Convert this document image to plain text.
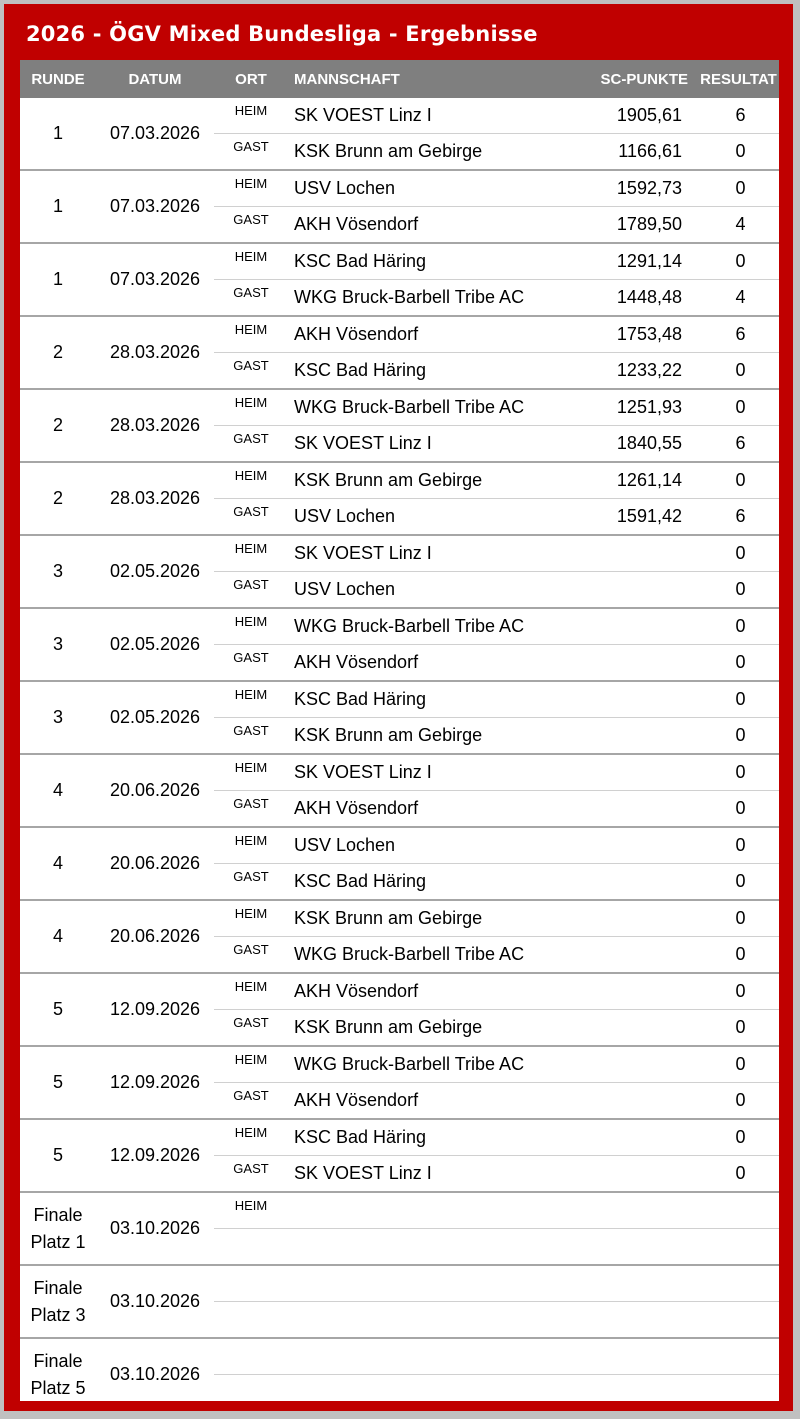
2026 - ÖGV Mixed Bundesliga - Ergebnisse
RUNDE	DATUM	ORT	MANNSCHAFT	SC-PUNKTE	RESULTAT
1	07.03.2026	HEIM	SK VOEST Linz I	1905,61	6
		GAST	KSK Brunn am Gebirge	1166,61	0
1	07.03.2026	HEIM	USV Lochen	1592,73	0
		GAST	AKH Vösendorf	1789,50	4
1	07.03.2026	HEIM	KSC Bad Häring	1291,14	0
		GAST	WKG Bruck-Barbell Tribe AC	1448,48	4
2	28.03.2026	HEIM	AKH Vösendorf	1753,48	6
		GAST	KSC Bad Häring	1233,22	0
2	28.03.2026	HEIM	WKG Bruck-Barbell Tribe AC	1251,93	0
		GAST	SK VOEST Linz I	1840,55	6
2	28.03.2026	HEIM	KSK Brunn am Gebirge	1261,14	0
		GAST	USV Lochen	1591,42	6
3	02.05.2026	HEIM	SK VOEST Linz I		0
		GAST	USV Lochen		0
3	02.05.2026	HEIM	WKG Bruck-Barbell Tribe AC		0
		GAST	AKH Vösendorf		0
3	02.05.2026	HEIM	KSC Bad Häring		0
		GAST	KSK Brunn am Gebirge		0
4	20.06.2026	HEIM	SK VOEST Linz I		0
		GAST	AKH Vösendorf		0
4	20.06.2026	HEIM	USV Lochen		0
		GAST	KSC Bad Häring		0
4	20.06.2026	HEIM	KSK Brunn am Gebirge		0
		GAST	WKG Bruck-Barbell Tribe AC		0
5	12.09.2026	HEIM	AKH Vösendorf		0
		GAST	KSK Brunn am Gebirge		0
5	12.09.2026	HEIM	WKG Bruck-Barbell Tribe AC		0
		GAST	AKH Vösendorf		0
5	12.09.2026	HEIM	KSC Bad Häring		0
		GAST	SK VOEST Linz I		0

Finale Platz 1	03.10.2026	HEIM			

Finale Platz 3	03.10.2026				

Finale Platz 5	03.10.2026				
